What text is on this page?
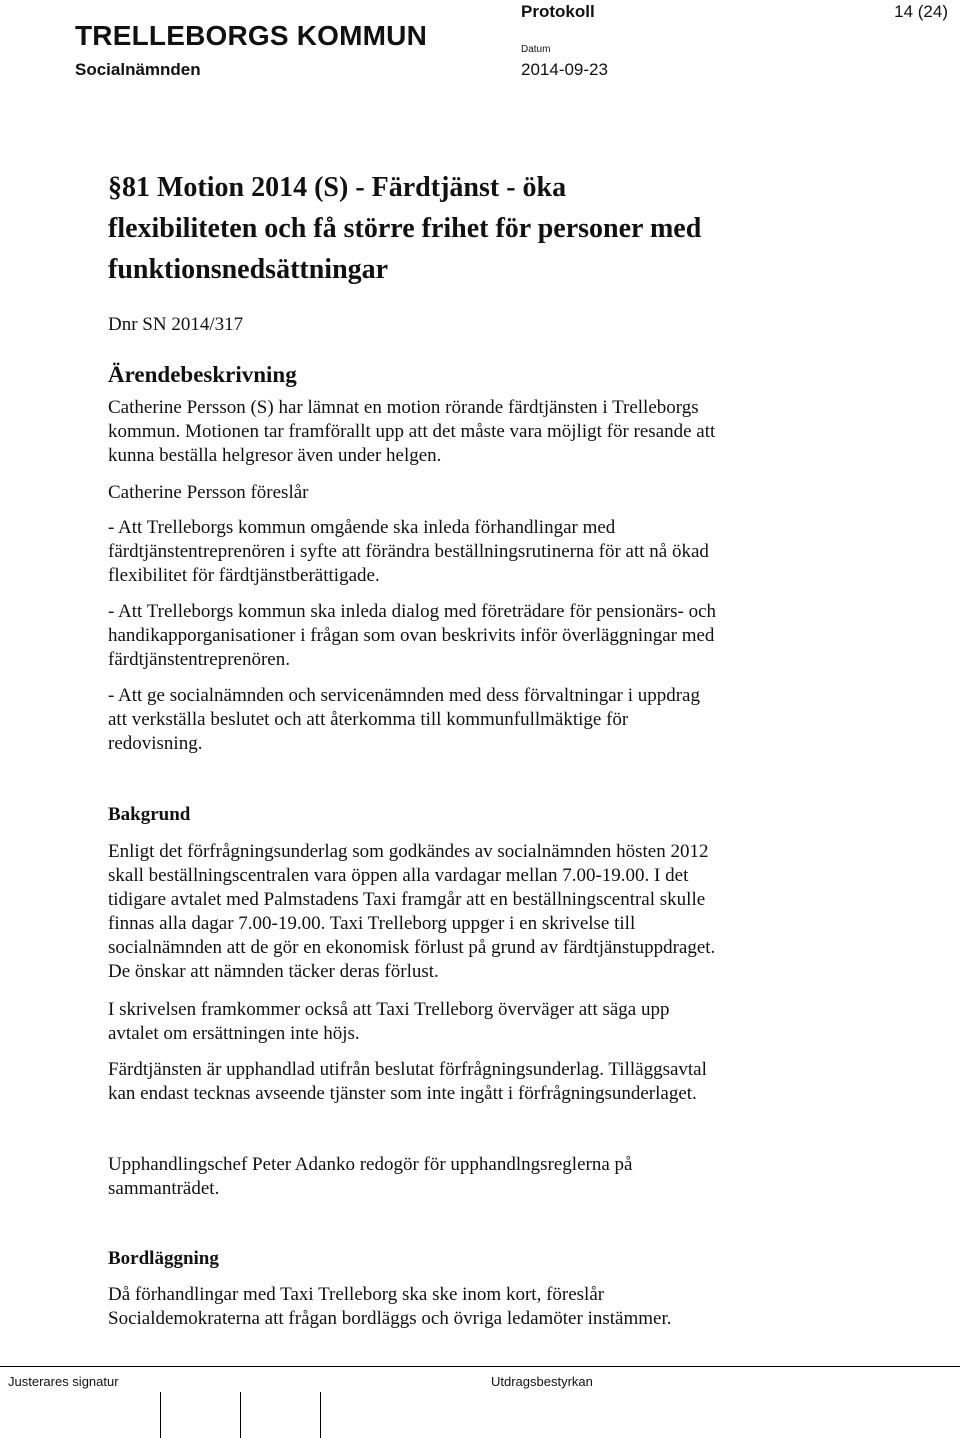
TRELLEBORGS KOMMUN
Socialnämnden
Protokoll	14 (24)
Datum
2014-09-23
§81 Motion 2014 (S) - Färdtjänst - öka
flexibiliteten och få större frihet för personer med
funktionsnedsättningar
Dnr SN 2014/317
Ärendebeskrivning
Catherine Persson (S) har lämnat en motion rörande färdtjänsten i Trelleborgs
kommun. Motionen tar framförallt upp att det måste vara möjligt för resande att
kunna beställa helgresor även under helgen.
Catherine Persson föreslår
- Att Trelleborgs kommun omgående ska inleda förhandlingar med
färdtjänstentreprenören i syfte att förändra beställningsrutinerna för att nå ökad
flexibilitet för färdtjänstberättigade.
- Att Trelleborgs kommun ska inleda dialog med företrädare för pensionärs- och
handikapporganisationer i frågan som ovan beskrivits inför överläggningar med
färdtjänstentreprenören.
- Att ge socialnämnden och servicenämnden med dess förvaltningar i uppdrag
att verkställa beslutet och att återkomma till kommunfullmäktige för
redovisning.
Bakgrund
Enligt det förfrågningsunderlag som godkändes av socialnämnden hösten 2012
skall beställningscentralen vara öppen alla vardagar mellan 7.00-19.00. I det
tidigare avtalet med Palmstadens Taxi framgår att en beställningscentral skulle
finnas alla dagar 7.00-19.00. Taxi Trelleborg uppger i en skrivelse till
socialnämnden att de gör en ekonomisk förlust på grund av färdtjänstuppdraget.
De önskar att nämnden täcker deras förlust.
I skrivelsen framkommer också att Taxi Trelleborg överväger att säga upp
avtalet om ersättningen inte höjs.
Färdtjänsten är upphandlad utifrån beslutat förfrågningsunderlag. Tilläggsavtal
kan endast tecknas avseende tjänster som inte ingått i förfrågningsunderlaget.
Upphandlingschef Peter Adanko redogör för upphandlngsreglerna på
sammanträdet.
Bordläggning
Då förhandlingar med Taxi Trelleborg ska ske inom kort, föreslår
Socialdemokraterna att frågan bordläggs och övriga ledamöter instämmer.
Justerares signatur	Utdragsbestyrkan
